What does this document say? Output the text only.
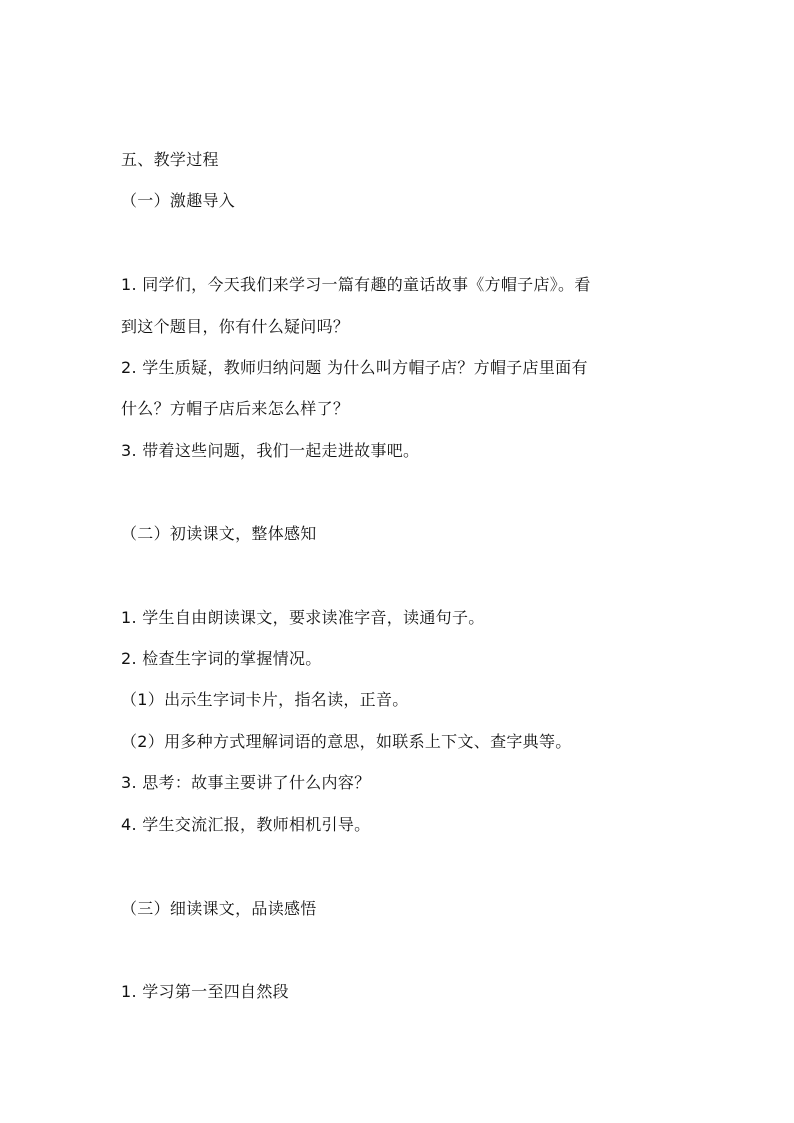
五、教学过程
（一）激趣导入
1. 同学们，今天我们来学习一篇有趣的童话故事《方帽子店》。看
到这个题目，你有什么疑问吗？
2. 学生质疑，教师归纳问题 为什么叫方帽子店？方帽子店里面有
什么？方帽子店后来怎么样了？
3. 带着这些问题，我们一起走进故事吧。
（二）初读课文，整体感知
1. 学生自由朗读课文，要求读准字音，读通句子。
2. 检查生字词的掌握情况。
（1）出示生字词卡片，指名读，正音。
（2）用多种方式理解词语的意思，如联系上下文、查字典等。
3. 思考：故事主要讲了什么内容？
4. 学生交流汇报，教师相机引导。
（三）细读课文，品读感悟
1. 学习第一至四自然段
